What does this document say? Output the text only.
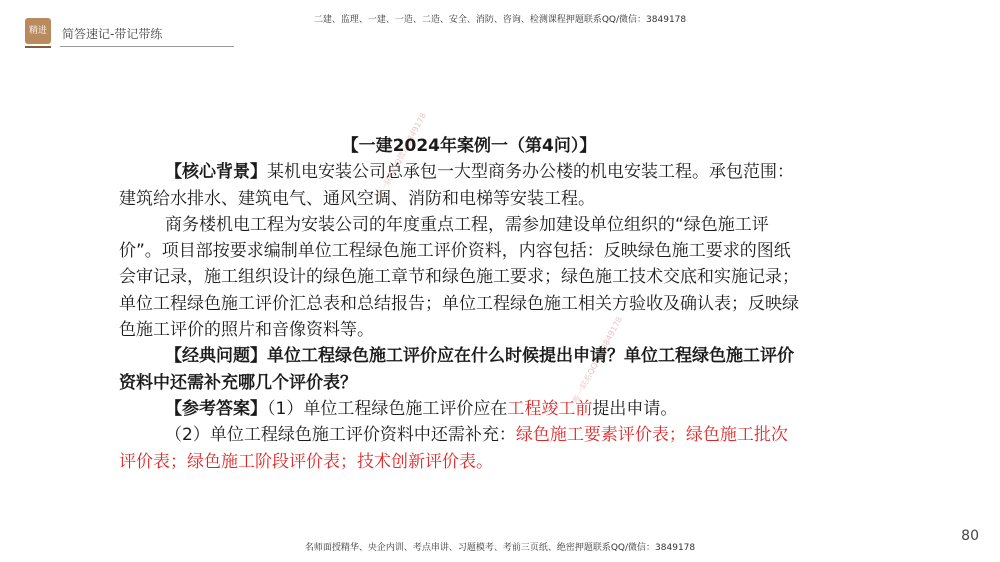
精进	简答速记-带记带练
二建、监理、一建、一造、二造、安全、消防、咨询、检测课程押题联系QQ/微信：3849178
唯一联系QQ微信3849178
唯一联系QQ微信3849178

【一建2024年案例一（第4问）】

【核心背景】某机电安装公司总承包一大型商务办公楼的机电安装工程。承包范围：建筑给水排水、建筑电气、通风空调、消防和电梯等安装工程。

商务楼机电工程为安装公司的年度重点工程，需参加建设单位组织的“绿色施工评价”。项目部按要求编制单位工程绿色施工评价资料，内容包括：反映绿色施工要求的图纸会审记录，施工组织设计的绿色施工章节和绿色施工要求；绿色施工技术交底和实施记录；单位工程绿色施工评价汇总表和总结报告；单位工程绿色施工相关方验收及确认表；反映绿色施工评价的照片和音像资料等。

【经典问题】单位工程绿色施工评价应在什么时候提出申请？单位工程绿色施工评价资料中还需补充哪几个评价表？

【参考答案】（1）单位工程绿色施工评价应在工程竣工前提出申请。

（2）单位工程绿色施工评价资料中还需补充：绿色施工要素评价表；绿色施工批次评价表；绿色施工阶段评价表；技术创新评价表。

80
名师面授精华、央企内训、考点串讲、习题模考、考前三页纸、绝密押题联系QQ/微信：3849178
